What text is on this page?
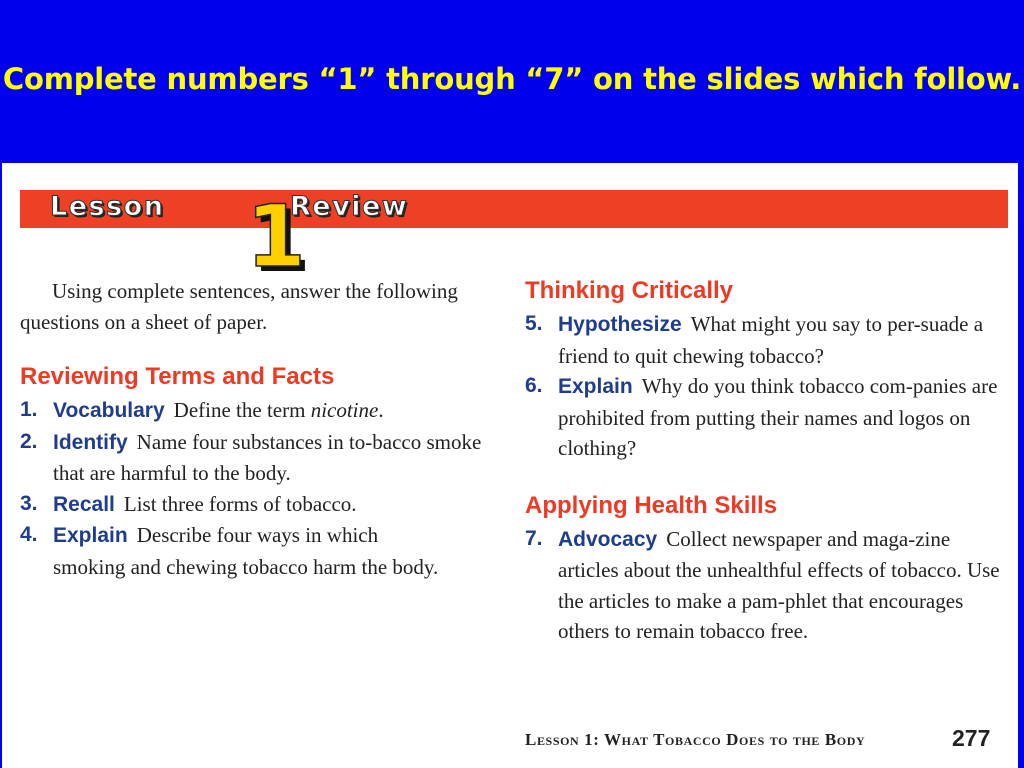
Complete numbers “1” through “7” on the slides which follow.
Lesson 1
Review

Using complete sentences, answer the following questions on a sheet of paper.

Reviewing Terms and Facts
1. Vocabulary Define the term nicotine.
2. Identify Name four substances in to-bacco smoke that are harmful to the body.
3. Recall List three forms of tobacco.
4. Explain Describe four ways in which smoking and chewing tobacco harm the body.
Thinking Critically
5. Hypothesize What might you say to per-suade a friend to quit chewing tobacco?
6. Explain Why do you think tobacco com-panies are prohibited from putting their names and logos on clothing?
Applying Health Skills
7. Advocacy Collect newspaper and maga-zine articles about the unhealthful effects of tobacco. Use the articles to make a pam-phlet that encourages others to remain tobacco free.
Lesson 1: What Tobacco Does to the Body	277
